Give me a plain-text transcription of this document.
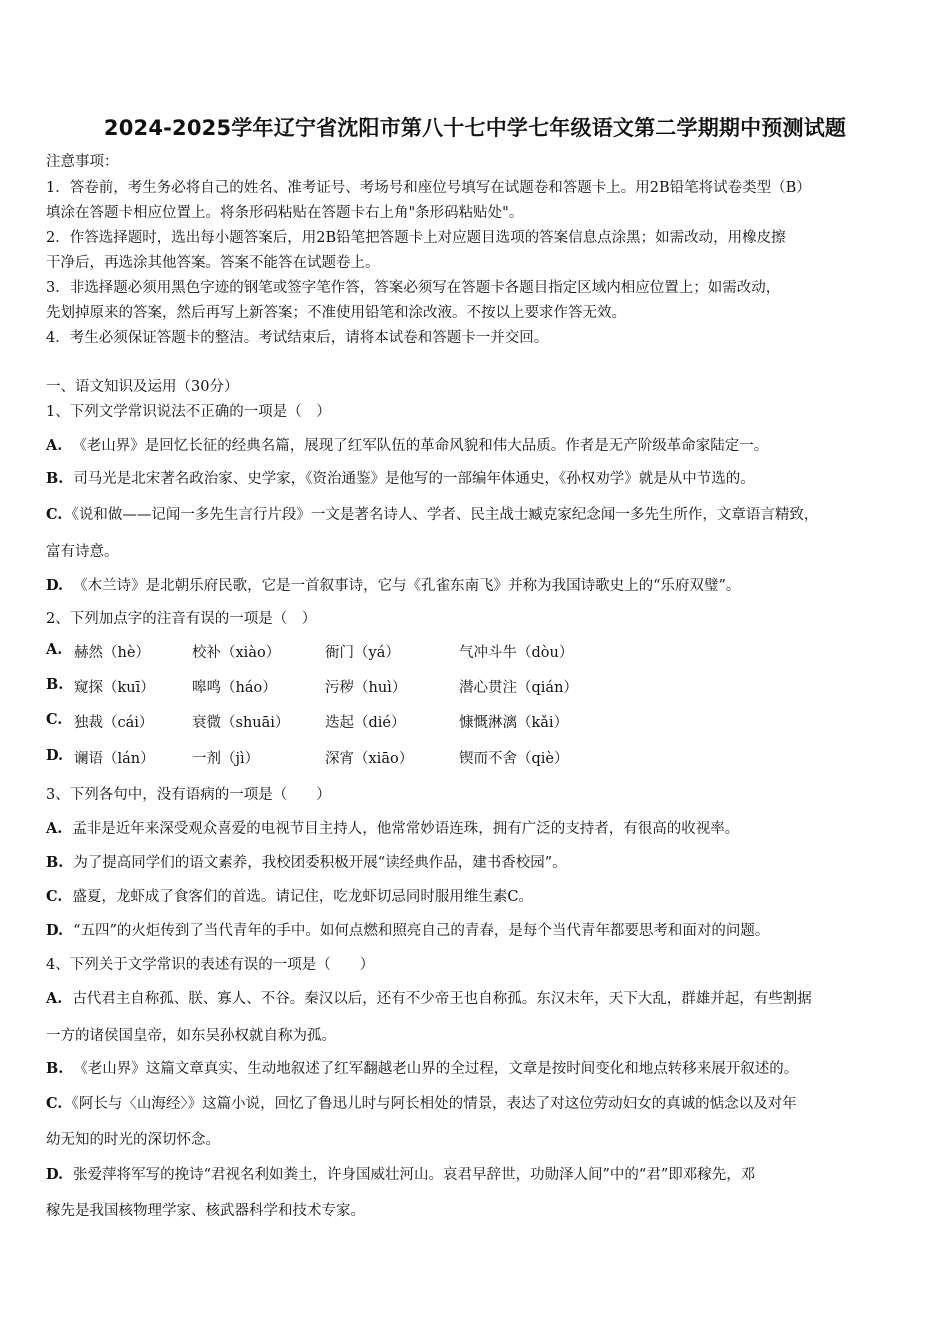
2024-2025学年辽宁省沈阳市第八十七中学七年级语文第二学期期中预测试题
注意事项：
1．答卷前，考生务必将自己的姓名、准考证号、考场号和座位号填写在试题卷和答题卡上。用2B铅笔将试卷类型（B）
填涂在答题卡相应位置上。将条形码粘贴在答题卡右上角"条形码粘贴处"。
2．作答选择题时，选出每小题答案后，用2B铅笔把答题卡上对应题目选项的答案信息点涂黑；如需改动，用橡皮擦
干净后，再选涂其他答案。答案不能答在试题卷上。
3．非选择题必须用黑色字迹的钢笔或签字笔作答，答案必须写在答题卡各题目指定区域内相应位置上；如需改动，
先划掉原来的答案，然后再写上新答案；不准使用铅笔和涂改液。不按以上要求作答无效。
4．考生必须保证答题卡的整洁。考试结束后，请将本试卷和答题卡一并交回。
一、语文知识及运用（30分）
1、下列文学常识说法不正确的一项是（　）
A. 《老山界》是回忆长征的经典名篇，展现了红军队伍的革命风貌和伟大品质。作者是无产阶级革命家陆定一。
B. 司马光是北宋著名政治家、史学家，《资治通鉴》是他写的一部编年体通史，《孙权劝学》就是从中节选的。
C. 《说和做——记闻一多先生言行片段》一文是著名诗人、学者、民主战士臧克家纪念闻一多先生所作，文章语言精致，
富有诗意。
D. 《木兰诗》是北朝乐府民歌，它是一首叙事诗，它与《孔雀东南飞》并称为我国诗歌史上的“乐府双璧”。
2、下列加点字的注音有误的一项是（　）
A. 赫然（hè）	校补（xiào）	衙门（yá）	气冲斗牛（dòu）
B. 窥探（kuī）	嗥鸣（háo）	污秽（huì）	潜心贯注（qián）
C. 独裁（cái）	衰微（shuāi） 迭起（dié）	慷慨淋漓（kǎi）
D. 谰语（lán）	一剂（jì）	深宵（xiāo）	锲而不舍（qiè）
3、下列各句中，没有语病的一项是（　　）
A. 孟非是近年来深受观众喜爱的电视节目主持人，他常常妙语连珠，拥有广泛的支持者，有很高的收视率。
B. 为了提高同学们的语文素养，我校团委积极开展“读经典作品，建书香校园”。
C. 盛夏，龙虾成了食客们的首选。请记住，吃龙虾切忌同时服用维生素C。
D. “五四”的火炬传到了当代青年的手中。如何点燃和照亮自己的青春，是每个当代青年都要思考和面对的问题。
4、下列关于文学常识的表述有误的一项是（　　）
A. 古代君主自称孤、朕、寡人、不谷。秦汉以后，还有不少帝王也自称孤。东汉末年，天下大乱，群雄并起，有些割据
一方的诸侯国皇帝，如东吴孙权就自称为孤。
B. 《老山界》这篇文章真实、生动地叙述了红军翻越老山界的全过程，文章是按时间变化和地点转移来展开叙述的。
C. 《阿长与〈山海经〉》这篇小说，回忆了鲁迅儿时与阿长相处的情景，表达了对这位劳动妇女的真诚的惦念以及对年
幼无知的时光的深切怀念。
D. 张爱萍将军写的挽诗“君视名利如粪土，许身国威壮河山。哀君早辞世，功勋泽人间”中的“君”即邓稼先，邓
稼先是我国核物理学家、核武器科学和技术专家。
